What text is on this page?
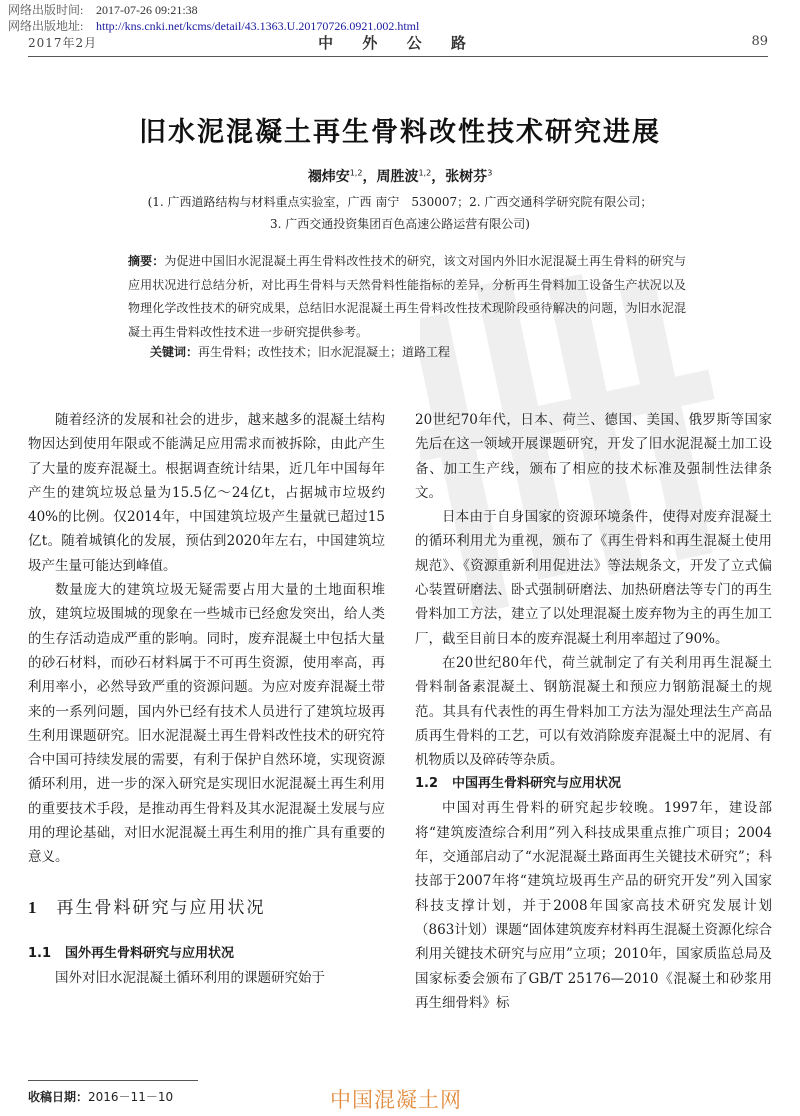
网络出版时间: 2017-07-26 09:21:38
网络出版地址: http://kns.cnki.net/kcms/detail/43.1363.U.20170726.0921.002.html
2017年2月	中 外 公 路	89
旧水泥混凝土再生骨料改性技术研究进展
禤炜安$^{1,2}$，周胜波$^{1,2}$，张树芬$^3$
(1. 广西道路结构与材料重点实验室，广西 南宁　530007；2. 广西交通科学研究院有限公司；
3. 广西交通投资集团百色高速公路运营有限公司)
摘要：为促进中国旧水泥混凝土再生骨料改性技术的研究，该文对国内外旧水泥混凝土再生骨料的研究与应用状况进行总结分析，对比再生骨料与天然骨料性能指标的差异，分析再生骨料加工设备生产状况以及物理化学改性技术的研究成果，总结旧水泥混凝土再生骨料改性技术现阶段亟待解决的问题，为旧水泥混凝土再生骨料改性技术进一步研究提供参考。
关键词：再生骨料；改性技术；旧水泥混凝土；道路工程

随着经济的发展和社会的进步，越来越多的混凝土结构物因达到使用年限或不能满足应用需求而被拆除，由此产生了大量的废弃混凝土。根据调查统计结果，近几年中国每年产生的建筑垃圾总量为15.5亿～24亿t，占据城市垃圾约40%的比例。仅2014年，中国建筑垃圾产生量就已超过15亿t。随着城镇化的发展，预估到2020年左右，中国建筑垃圾产生量可能达到峰值。

数量庞大的建筑垃圾无疑需要占用大量的土地面积堆放，建筑垃圾围城的现象在一些城市已经愈发突出，给人类的生存活动造成严重的影响。同时，废弃混凝土中包括大量的砂石材料，而砂石材料属于不可再生资源，使用率高，再利用率小，必然导致严重的资源问题。为应对废弃混凝土带来的一系列问题，国内外已经有技术人员进行了建筑垃圾再生利用课题研究。旧水泥混凝土再生骨料改性技术的研究符合中国可持续发展的需要，有利于保护自然环境，实现资源循环利用，进一步的深入研究是实现旧水泥混凝土再生利用的重要技术手段，是推动再生骨料及其水泥混凝土发展与应用的理论基础，对旧水泥混凝土再生利用的推广具有重要的意义。

1 再生骨料研究与应用状况
1.1 国外再生骨料研究与应用状况

国外对旧水泥混凝土循环利用的课题研究始于

20世纪70年代，日本、荷兰、德国、美国、俄罗斯等国家先后在这一领域开展课题研究，开发了旧水泥混凝土加工设备、加工生产线，颁布了相应的技术标准及强制性法律条文。

日本由于自身国家的资源环境条件，使得对废弃混凝土的循环利用尤为重视，颁布了《再生骨料和再生混凝土使用规范》、《资源重新利用促进法》等法规条文，开发了立式偏心装置研磨法、卧式强制研磨法、加热研磨法等专门的再生骨料加工方法，建立了以处理混凝土废弃物为主的再生加工厂，截至目前日本的废弃混凝土利用率超过了90%。

在20世纪80年代，荷兰就制定了有关利用再生混凝土骨料制备素混凝土、钢筋混凝土和预应力钢筋混凝土的规范。其具有代表性的再生骨料加工方法为湿处理法生产高品质再生骨料的工艺，可以有效消除废弃混凝土中的泥屑、有机物质以及碎砖等杂质。

1.2 中国再生骨料研究与应用状况

中国对再生骨料的研究起步较晚。1997年，建设部将“建筑废渣综合利用”列入科技成果重点推广项目；2004年，交通部启动了“水泥混凝土路面再生关键技术研究”；科技部于2007年将“建筑垃圾再生产品的研究开发”列入国家科技支撑计划，并于2008年国家高技术研究发展计划（863计划）课题“固体建筑废弃材料再生混凝土资源化综合利用关键技术研究与应用”立项；2010年，国家质监总局及国家标委会颁布了GB/T 25176—2010《混凝土和砂浆用再生细骨料》标

收稿日期：2016－11－10	中国混凝土网
